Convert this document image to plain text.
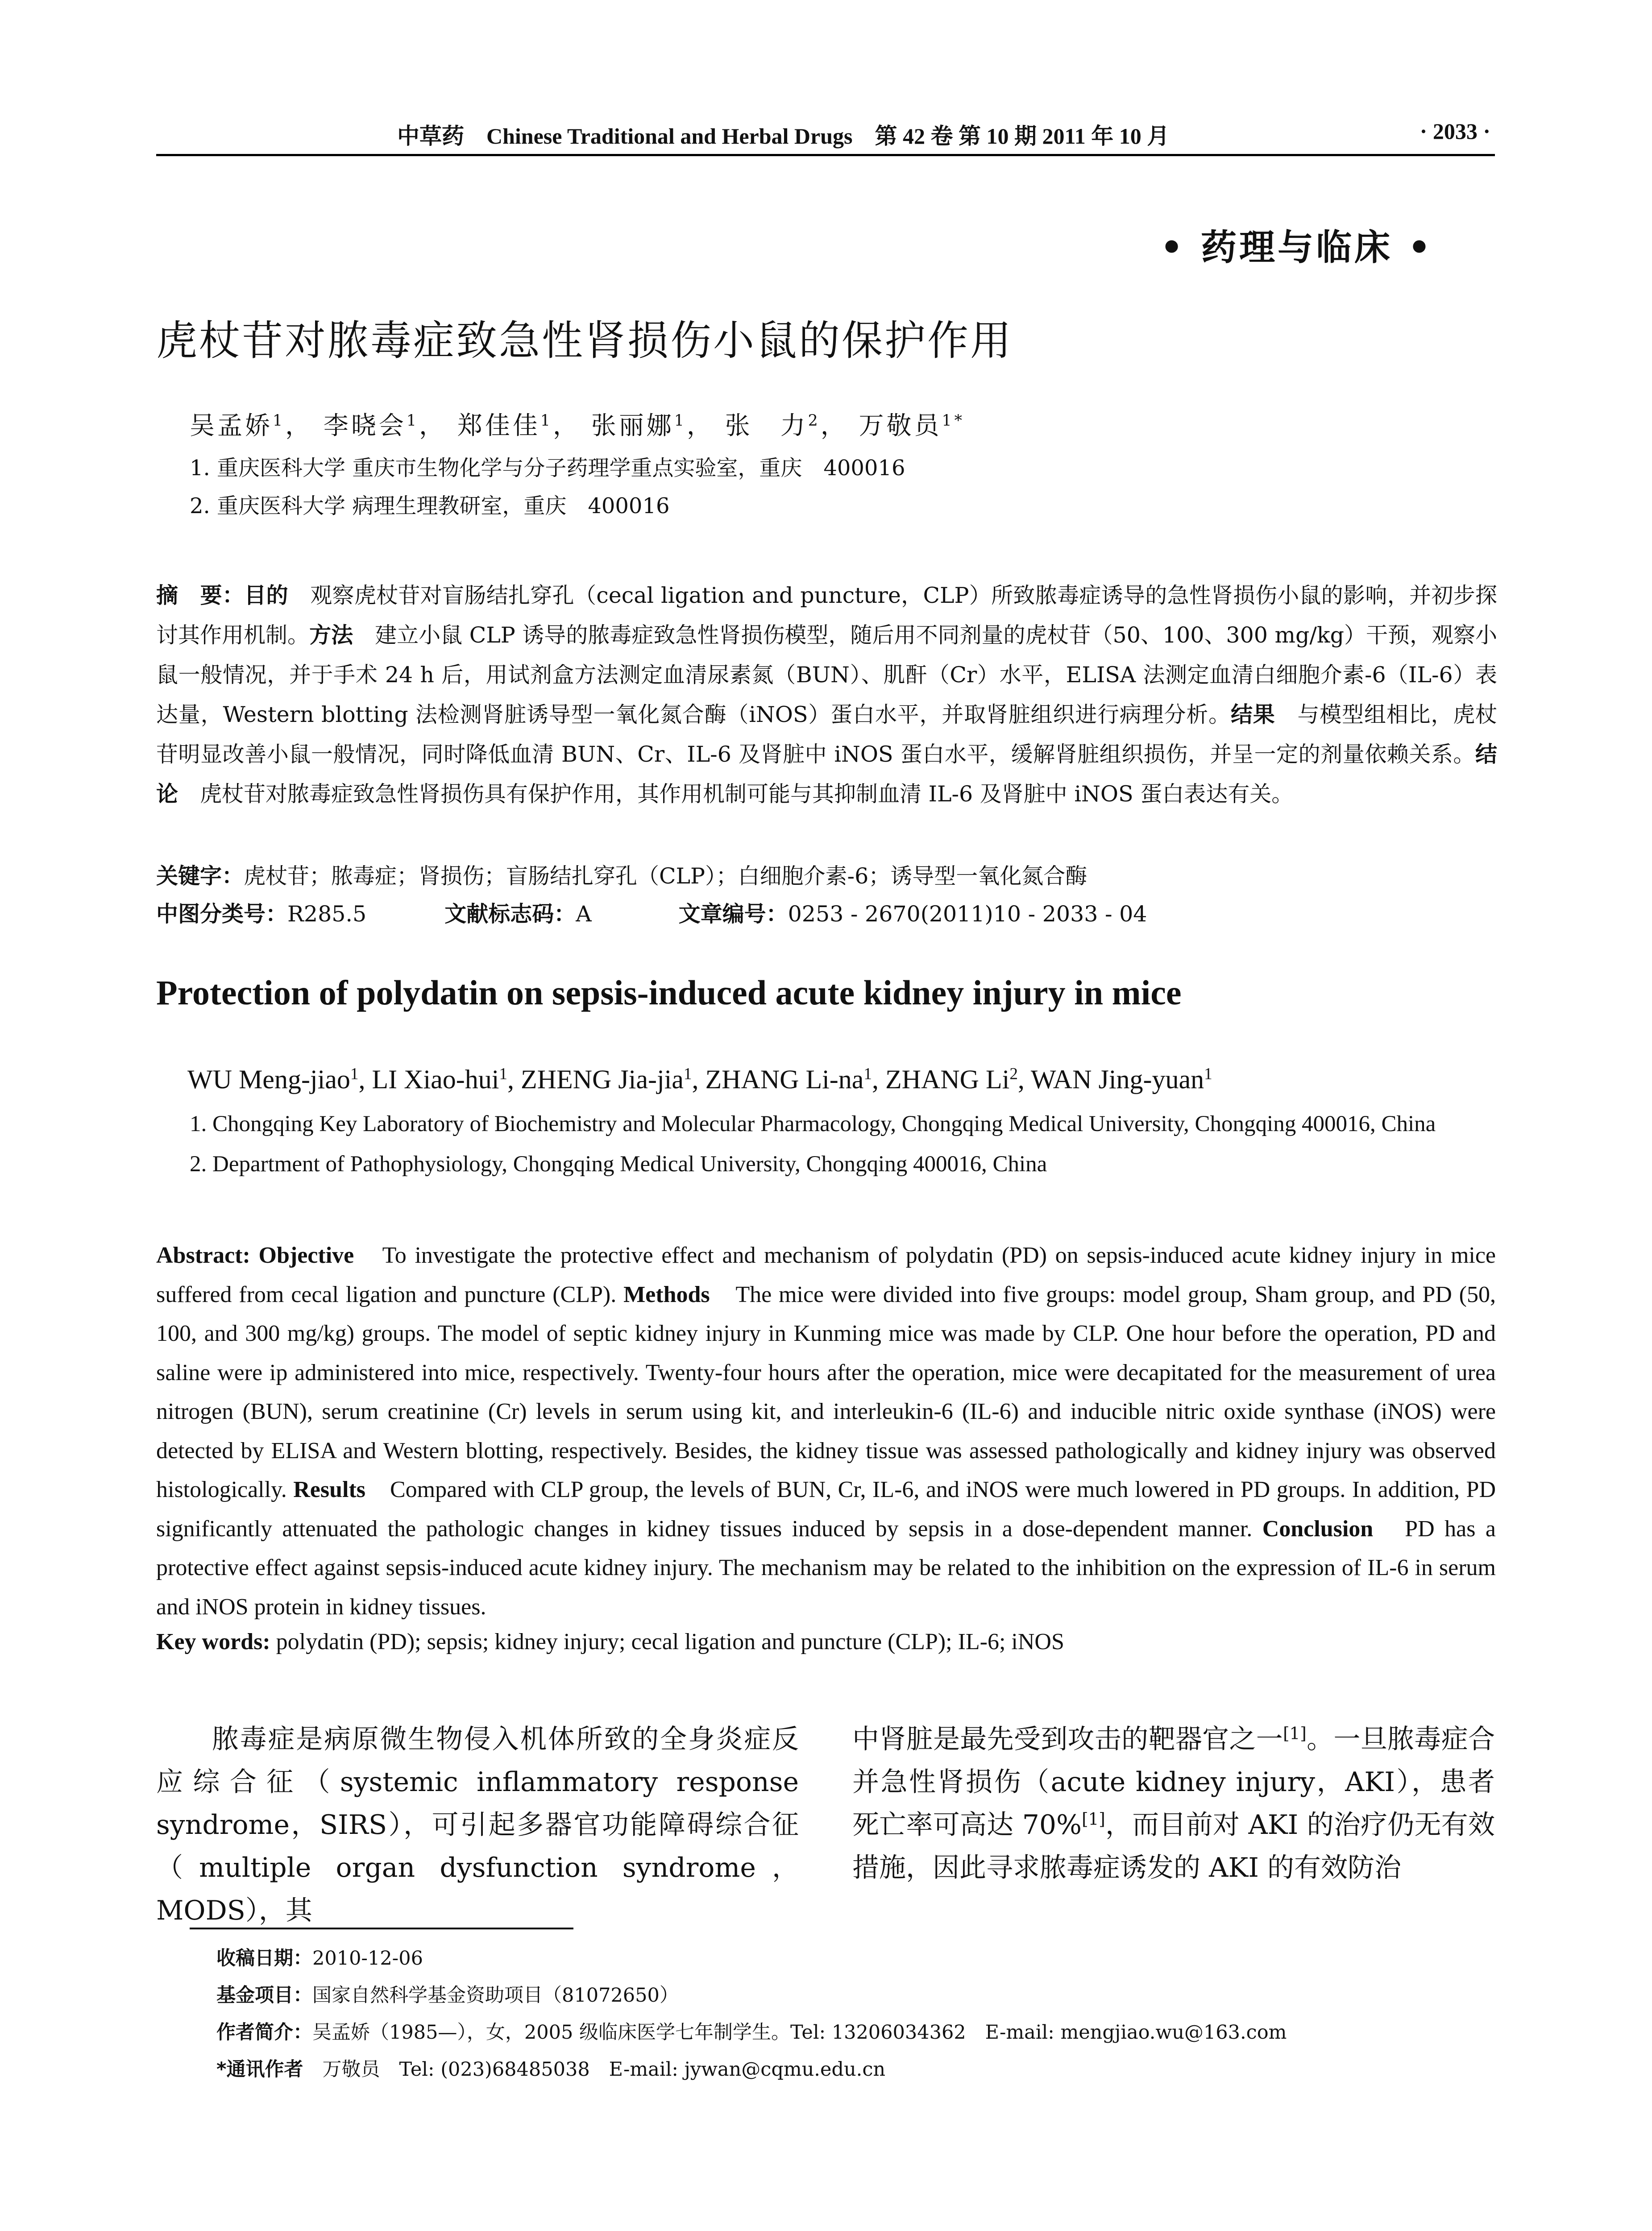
中草药　Chinese Traditional and Herbal Drugs　第 42 卷 第 10 期 2011 年 10 月	· 2033 ·
• 药理与临床 •
虎杖苷对脓毒症致急性肾损伤小鼠的保护作用
吴孟娇$^1$， 李晓会$^1$， 郑佳佳$^1$， 张丽娜$^1$， 张　力$^2$， 万敬员$^{1*}$
1. 重庆医科大学 重庆市生物化学与分子药理学重点实验室，重庆　400016
2. 重庆医科大学 病理生理教研室，重庆　400016
摘　要：目的　观察虎杖苷对盲肠结扎穿孔（cecal ligation and puncture，CLP）所致脓毒症诱导的急性肾损伤小鼠的影响，并初步探讨其作用机制。方法　建立小鼠 CLP 诱导的脓毒症致急性肾损伤模型，随后用不同剂量的虎杖苷（50、100、300 mg/kg）干预，观察小鼠一般情况，并于手术 24 h 后，用试剂盒方法测定血清尿素氮（BUN）、肌酐（Cr）水平，ELISA 法测定血清白细胞介素-6（IL-6）表达量，Western blotting 法检测肾脏诱导型一氧化氮合酶（iNOS）蛋白水平，并取肾脏组织进行病理分析。结果　与模型组相比，虎杖苷明显改善小鼠一般情况，同时降低血清 BUN、Cr、IL-6 及肾脏中 iNOS 蛋白水平，缓解肾脏组织损伤，并呈一定的剂量依赖关系。结论　虎杖苷对脓毒症致急性肾损伤具有保护作用，其作用机制可能与其抑制血清 IL-6 及肾脏中 iNOS 蛋白表达有关。
关键字：虎杖苷；脓毒症；肾损伤；盲肠结扎穿孔（CLP）；白细胞介素-6；诱导型一氧化氮合酶
中图分类号：R285.5	文献标志码：A	文章编号：0253 - 2670(2011)10 - 2033 - 04
Protection of polydatin on sepsis-induced acute kidney injury in mice
WU Meng-jiao$^1$, LI Xiao-hui$^1$, ZHENG Jia-jia$^1$, ZHANG $Li-na^1$, ZHANG Li$^2$, WAN Jing-yuan$^1$
1. Chongqing Key Laboratory of Biochemistry and Molecular Pharmacology, Chongqing Medical University, Chongqing 400016, China
2. Department of Pathophysiology, Chongqing Medical University, Chongqing 400016, China
Abstract: Objective　To investigate the protective effect and mechanism of polydatin (PD) on sepsis-induced acute kidney injury in mice suffered from cecal ligation and puncture (CLP). Methods　The mice were divided into five groups: model group, Sham group, and PD (50, 100, and 300 mg/kg) groups. The model of septic kidney injury in Kunming mice was made by CLP. One hour before the operation, PD and saline were ip administered into mice, respectively. Twenty-four hours after the operation, mice were decapitated for the measurement of urea nitrogen (BUN), serum creatinine (Cr) levels in serum using kit, and interleukin-6 (IL-6) and inducible nitric oxide synthase (iNOS) were detected by ELISA and Western blotting, respectively. Besides, the kidney tissue was assessed pathologically and kidney injury was observed histologically. Results　Compared with CLP group, the levels of BUN, Cr, IL-6, and iNOS were much lowered in PD groups. In addition, PD significantly attenuated the pathologic changes in kidney tissues induced by sepsis in a dose-dependent manner. Conclusion　PD has a protective effect against sepsis-induced acute kidney injury. The mechanism may be related to the inhibition on the expression of IL-6 in serum and iNOS protein in kidney tissues.
Key words: polydatin (PD); sepsis; kidney injury; cecal ligation and puncture (CLP); IL-6; iNOS
脓毒症是病原微生物侵入机体所致的全身炎症反应综合征（systemic inflammatory response syndrome，SIRS），可引起多器官功能障碍综合征（multiple organ dysfunction syndrome，MODS），其
中肾脏是最先受到攻击的靶器官之一[1]。一旦脓毒症合并急性肾损伤（acute kidney injury，AKI），患者死亡率可高达 70%[1]，而目前对 AKI 的治疗仍无有效措施，因此寻求脓毒症诱发的 AKI 的有效防治
收稿日期：2010-12-06
基金项目：国家自然科学基金资助项目（81072650）
作者简介：吴孟娇（1985—），女，2005 级临床医学七年制学生。Tel: 13206034362　E-mail: mengjiao.wu@163.com
*通讯作者　万敬员　Tel: (023)68485038　E-mail: jywan@cqmu.edu.cn
